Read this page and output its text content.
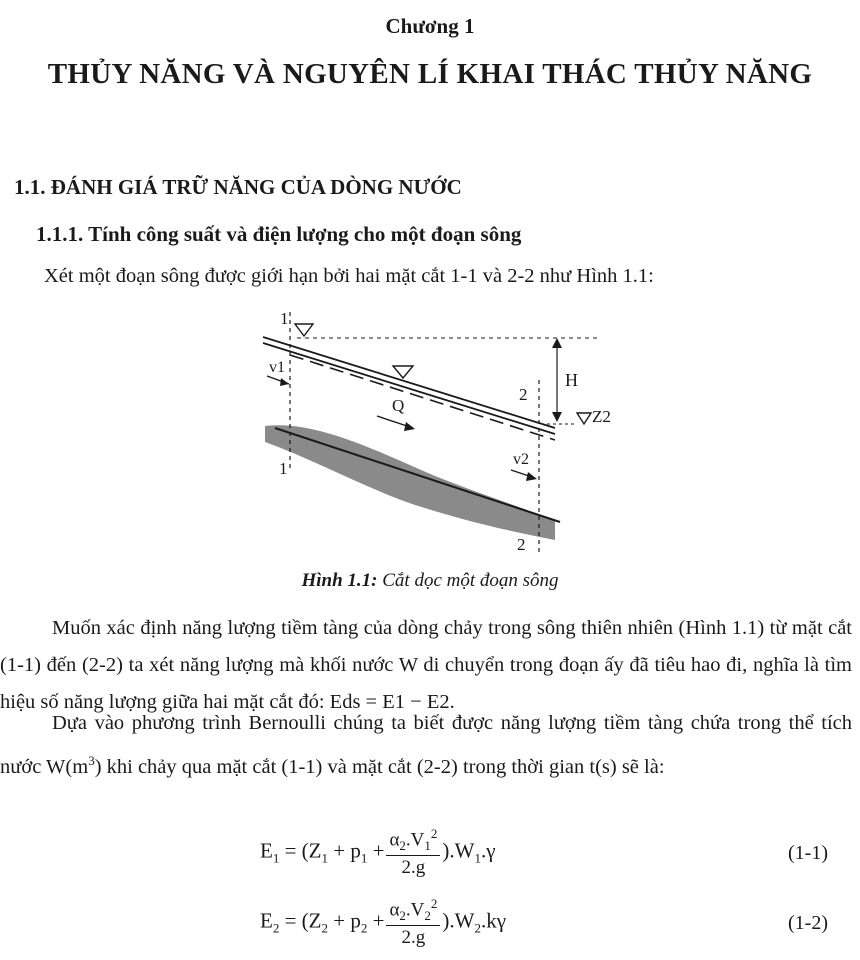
Chương 1
THỦY NĂNG VÀ NGUYÊN LÍ KHAI THÁC THỦY NĂNG
1.1. ĐÁNH GIÁ TRỮ NĂNG CỦA DÒNG NƯỚC
1.1.1. Tính công suất và điện lượng cho một đoạn sông
Xét một đoạn sông được giới hạn bởi hai mặt cắt 1-1 và 2-2 như Hình 1.1:
1
1
2
2
v1
v2
Q
H
Z2
Hình 1.1: Cắt dọc một đoạn sông
Muốn xác định năng lượng tiềm tàng của dòng chảy trong sông thiên nhiên (Hình 1.1) từ mặt cắt (1-1) đến (2-2) ta xét năng lượng mà khối nước W di chuyển trong đoạn ấy đã tiêu hao đi, nghĩa là tìm hiệu số năng lượng giữa hai mặt cắt đó: Eds = E1 − E2.
Dựa vào phương trình Bernoulli chúng ta biết được năng lượng tiềm tàng chứa trong thể tích nước $W(m^3)$ khi chảy qua mặt cắt (1-1) và mặt cắt (2-2) trong thời gian t(s) sẽ là:
$E_1 = (Z_1 + p_1 + \frac{\alpha_2.V_1^2}{2.g} ).W_1.\gamma$	(1-1)
$E_2 = (Z_2 + p_2 + \frac{\alpha_2.V_2^2}{2.g} ).W_2.k\gamma$	(1-2)
